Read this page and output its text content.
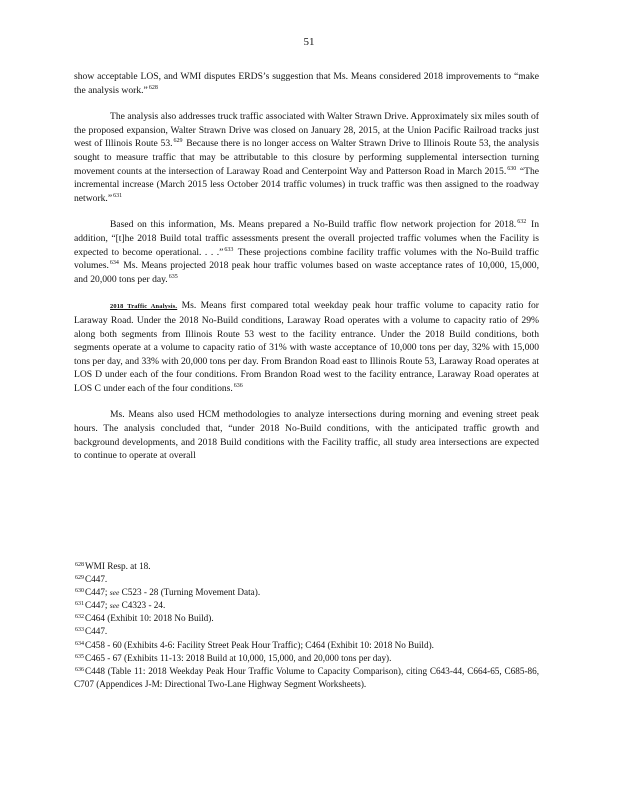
51

show acceptable LOS, and WMI disputes ERDS’s suggestion that Ms. Means considered 2018 improvements to “make the analysis work.”$^{628}$

The analysis also addresses truck traffic associated with Walter Strawn Drive. Approximately six miles south of the proposed expansion, Walter Strawn Drive was closed on January 28, 2015, at the Union Pacific Railroad tracks just west of Illinois Route 53.$^{629}$ Because there is no longer access on Walter Strawn Drive to Illinois Route 53, the analysis sought to measure traffic that may be attributable to this closure by performing supplemental intersection turning movement counts at the intersection of Laraway Road and Centerpoint Way and Patterson Road in March 2015.$^{630}$ “The incremental increase (March 2015 less October 2014 traffic volumes) in truck traffic was then assigned to the roadway network.”$^{631}$

Based on this information, Ms. Means prepared a No-Build traffic flow network projection for 2018.$^{632}$ In addition, “[t]he 2018 Build total traffic assessments present the overall projected traffic volumes when the Facility is expected to become operational. . . .”$^{633}$ These projections combine facility traffic volumes with the No-Build traffic volumes.$^{634}$ Ms. Means projected 2018 peak hour traffic volumes based on waste acceptance rates of 10,000, 15,000, and 20,000 tons per day.$^{635}$

2018 Traffic Analysis. Ms. Means first compared total weekday peak hour traffic volume to capacity ratio for Laraway Road. Under the 2018 No-Build conditions, Laraway Road operates with a volume to capacity ratio of 29% along both segments from Illinois Route 53 west to the facility entrance. Under the 2018 Build conditions, both segments operate at a volume to capacity ratio of 31% with waste acceptance of 10,000 tons per day, 32% with 15,000 tons per day, and 33% with 20,000 tons per day. From Brandon Road east to Illinois Route 53, Laraway Road operates at LOS D under each of the four conditions. From Brandon Road west to the facility entrance, Laraway Road operates at LOS C under each of the four conditions.$^{636}$

Ms. Means also used HCM methodologies to analyze intersections during morning and evening street peak hours. The analysis concluded that, “under 2018 No-Build conditions, with the anticipated traffic growth and background developments, and 2018 Build conditions with the Facility traffic, all study area intersections are expected to continue to operate at overall

$^{628}$WMI Resp. at 18.

$^{629}$C447.

$^{630}$C447; see C523 - 28 (Turning Movement Data).

$^{631}$C447; see C4323 - 24.

$^{632}$C464 (Exhibit 10: 2018 No Build).

$^{633}$C447.

$^{634}$C458 - 60 (Exhibits 4-6: Facility Street Peak Hour Traffic); C464 (Exhibit 10: 2018 No Build).

$^{635}$C465 - 67 (Exhibits 11-13: 2018 Build at 10,000, 15,000, and 20,000 tons per day).

$^{636}$C448 (Table 11: 2018 Weekday Peak Hour Traffic Volume to Capacity Comparison), citing C643-44, C664-65, C685-86, C707 (Appendices J-M: Directional Two-Lane Highway Segment Worksheets).
